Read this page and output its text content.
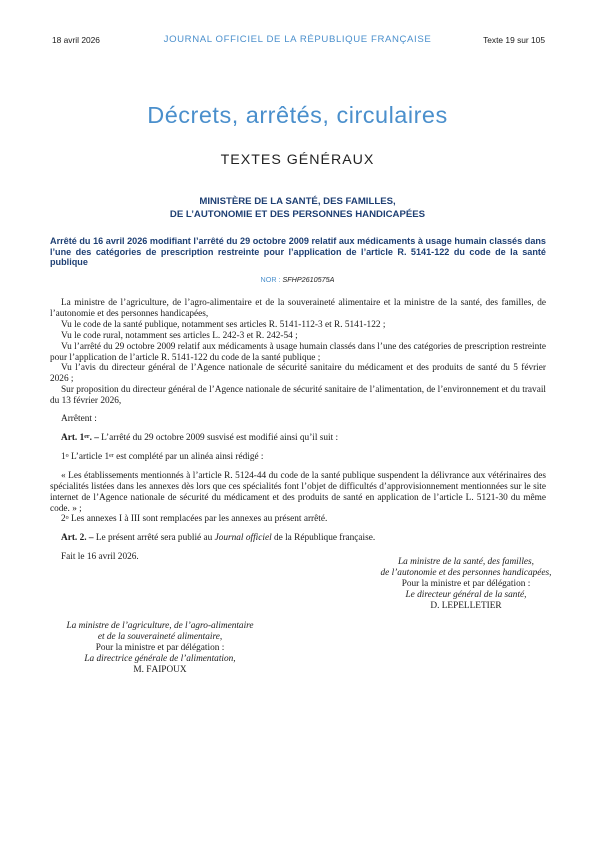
18 avril 2026	JOURNAL OFFICIEL DE LA RÉPUBLIQUE FRANÇAISE	Texte 19 sur 105
Décrets, arrêtés, circulaires
TEXTES GÉNÉRAUX
MINISTÈRE DE LA SANTÉ, DES FAMILLES,
DE L’AUTONOMIE ET DES PERSONNES HANDICAPÉES
Arrêté du 16 avril 2026 modifiant l’arrêté du 29 octobre 2009 relatif aux médicaments à usage humain classés dans l’une des catégories de prescription restreinte pour l’application de l’article R. 5141-122 du code de la santé publique
NOR : SFHP2610575A

La ministre de l’agriculture, de l’agro-alimentaire et de la souveraineté alimentaire et la ministre de la santé, des familles, de l’autonomie et des personnes handicapées,

Vu le code de la santé publique, notamment ses articles R. 5141-112-3 et R. 5141-122 ;

Vu le code rural, notamment ses articles L. 242-3 et R. 242-54 ;

Vu l’arrêté du 29 octobre 2009 relatif aux médicaments à usage humain classés dans l’une des catégories de prescription restreinte pour l’application de l’article R. 5141-122 du code de la santé publique ;

Vu l’avis du directeur général de l’Agence nationale de sécurité sanitaire du médicament et des produits de santé du 5 février 2026 ;

Sur proposition du directeur général de l’Agence nationale de sécurité sanitaire de l’alimentation, de l’environnement et du travail du 13 février 2026,

Arrêtent :

Art. 1er. – L’arrêté du 29 octobre 2009 susvisé est modifié ainsi qu’il suit :

1$^o$ L’article 1er est complété par un alinéa ainsi rédigé :

« Les établissements mentionnés à l’article R. 5124-44 du code de la santé publique suspendent la délivrance aux vétérinaires des spécialités listées dans les annexes dès lors que ces spécialités font l’objet de difficultés d’approvisionnement mentionnées sur le site internet de l’Agence nationale de sécurité du médicament et des produits de santé en application de l’article L. 5121-30 du même code. » ;

2$^o$ Les annexes I à III sont remplacées par les annexes au présent arrêté.

Art. 2. – Le présent arrêté sera publié au Journal officiel de la République française.

Fait le 16 avril 2026.	La ministre de la santé, des familles,
de l’autonomie et des personnes handicapées,
Pour la ministre et par délégation :
Le directeur général de la santé,
D. LEPELLETIER
La ministre de l’agriculture, de l’agro-alimentaire
et de la souveraineté alimentaire,
Pour la ministre et par délégation :
La directrice générale de l’alimentation,
M. FAIPOUX
